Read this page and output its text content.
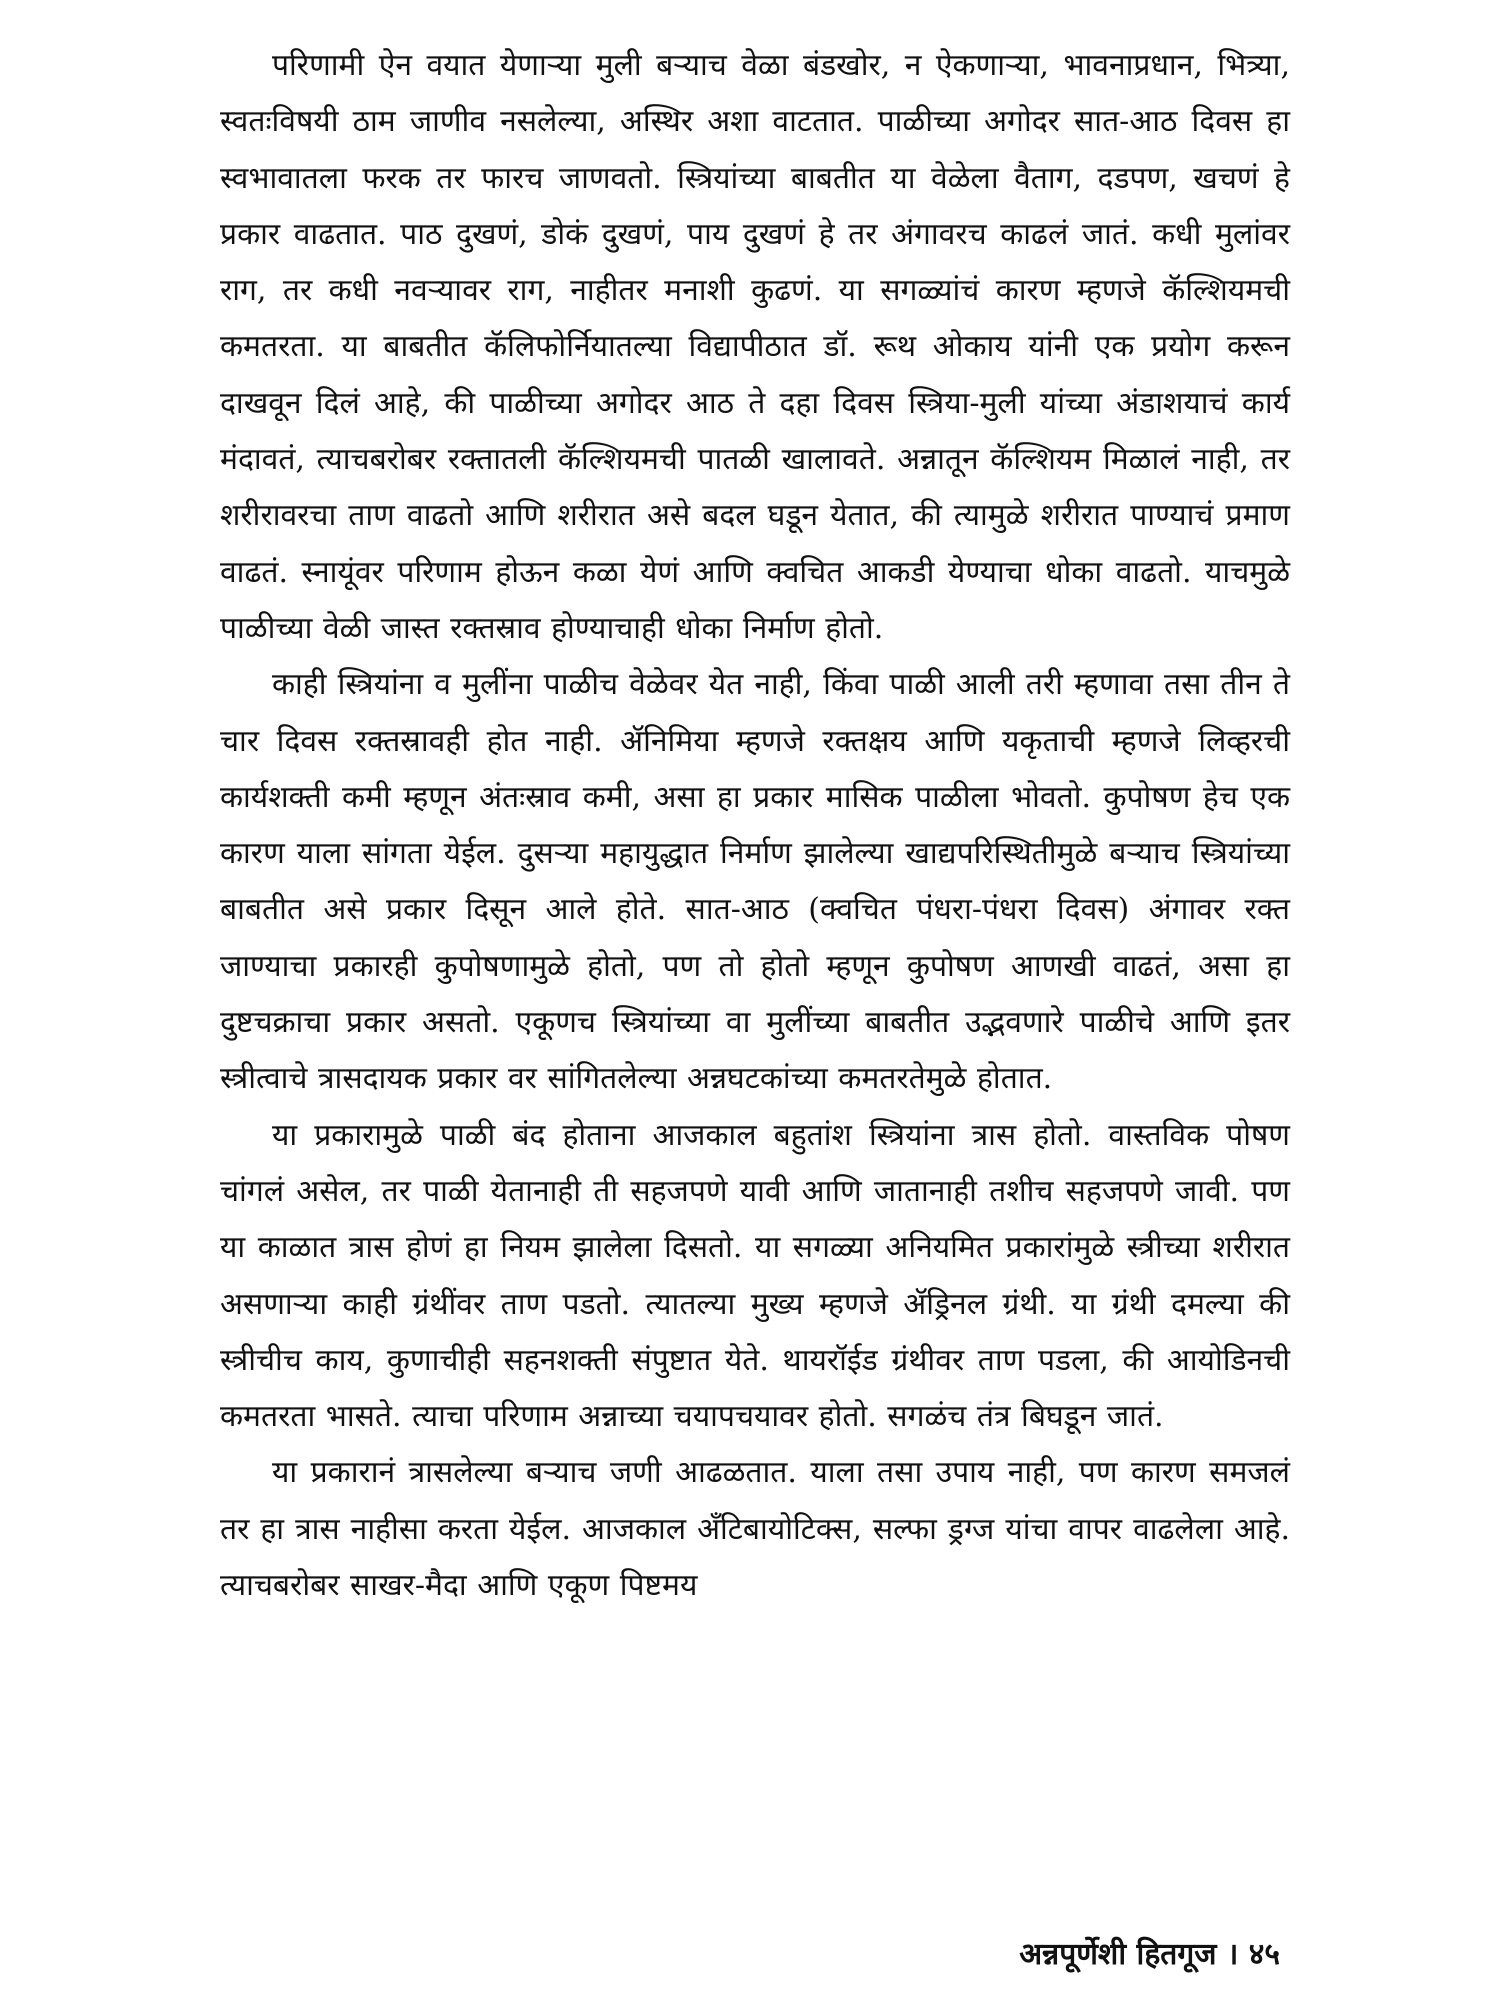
परिणामी ऐन वयात येणाऱ्या मुली बऱ्याच वेळा बंडखोर, न ऐकणाऱ्या, भावनाप्रधान, भित्र्या, स्वतःविषयी ठाम जाणीव नसलेल्या, अस्थिर अशा वाटतात. पाळीच्या अगोदर सात-आठ दिवस हा स्वभावातला फरक तर फारच जाणवतो. स्त्रियांच्या बाबतीत या वेळेला वैताग, दडपण, खचणं हे प्रकार वाढतात. पाठ दुखणं, डोकं दुखणं, पाय दुखणं हे तर अंगावरच काढलं जातं. कधी मुलांवर राग, तर कधी नवऱ्यावर राग, नाहीतर मनाशी कुढणं. या सगळ्यांचं कारण म्हणजे कॅल्शियमची कमतरता. या बाबतीत कॅलिफोर्नियातल्या विद्यापीठात डॉ. रूथ ओकाय यांनी एक प्रयोग करून दाखवून दिलं आहे, की पाळीच्या अगोदर आठ ते दहा दिवस स्त्रिया-मुली यांच्या अंडाशयाचं कार्य मंदावतं, त्याचबरोबर रक्तातली कॅल्शियमची पातळी खालावते. अन्नातून कॅल्शियम मिळालं नाही, तर शरीरावरचा ताण वाढतो आणि शरीरात असे बदल घडून येतात, की त्यामुळे शरीरात पाण्याचं प्रमाण वाढतं. स्नायूंवर परिणाम होऊन कळा येणं आणि क्वचित आकडी येण्याचा धोका वाढतो. याचमुळे पाळीच्या वेळी जास्त रक्तस्राव होण्याचाही धोका निर्माण होतो.

काही स्त्रियांना व मुलींना पाळीच वेळेवर येत नाही, किंवा पाळी आली तरी म्हणावा तसा तीन ते चार दिवस रक्तस्रावही होत नाही. ॲनिमिया म्हणजे रक्तक्षय आणि यकृताची म्हणजे लिव्हरची कार्यशक्ती कमी म्हणून अंतःस्राव कमी, असा हा प्रकार मासिक पाळीला भोवतो. कुपोषण हेच एक कारण याला सांगता येईल. दुसऱ्या महायुद्धात निर्माण झालेल्या खाद्यपरिस्थितीमुळे बऱ्याच स्त्रियांच्या बाबतीत असे प्रकार दिसून आले होते. सात-आठ (क्वचित पंधरा-पंधरा दिवस) अंगावर रक्त जाण्याचा प्रकारही कुपोषणामुळे होतो, पण तो होतो म्हणून कुपोषण आणखी वाढतं, असा हा दुष्टचक्राचा प्रकार असतो. एकूणच स्त्रियांच्या वा मुलींच्या बाबतीत उद्भवणारे पाळीचे आणि इतर स्त्रीत्वाचे त्रासदायक प्रकार वर सांगितलेल्या अन्नघटकांच्या कमतरतेमुळे होतात.

या प्रकारामुळे पाळी बंद होताना आजकाल बहुतांश स्त्रियांना त्रास होतो. वास्तविक पोषण चांगलं असेल, तर पाळी येतानाही ती सहजपणे यावी आणि जातानाही तशीच सहजपणे जावी. पण या काळात त्रास होणं हा नियम झालेला दिसतो. या सगळ्या अनियमित प्रकारांमुळे स्त्रीच्या शरीरात असणाऱ्या काही ग्रंथींवर ताण पडतो. त्यातल्या मुख्य म्हणजे ॲड्रिनल ग्रंथी. या ग्रंथी दमल्या की स्त्रीचीच काय, कुणाचीही सहनशक्ती संपुष्टात येते. थायरॉईड ग्रंथीवर ताण पडला, की आयोडिनची कमतरता भासते. त्याचा परिणाम अन्नाच्या चयापचयावर होतो. सगळंच तंत्र बिघडून जातं.

या प्रकारानं त्रासलेल्या बऱ्याच जणी आढळतात. याला तसा उपाय नाही, पण कारण समजलं तर हा त्रास नाहीसा करता येईल. आजकाल ॲंटिबायोटिक्स, सल्फा ड्रग्ज यांचा वापर वाढलेला आहे. त्याचबरोबर साखर-मैदा आणि एकूण पिष्टमय

अन्नपूर्णेशी हितगूज । ४५
